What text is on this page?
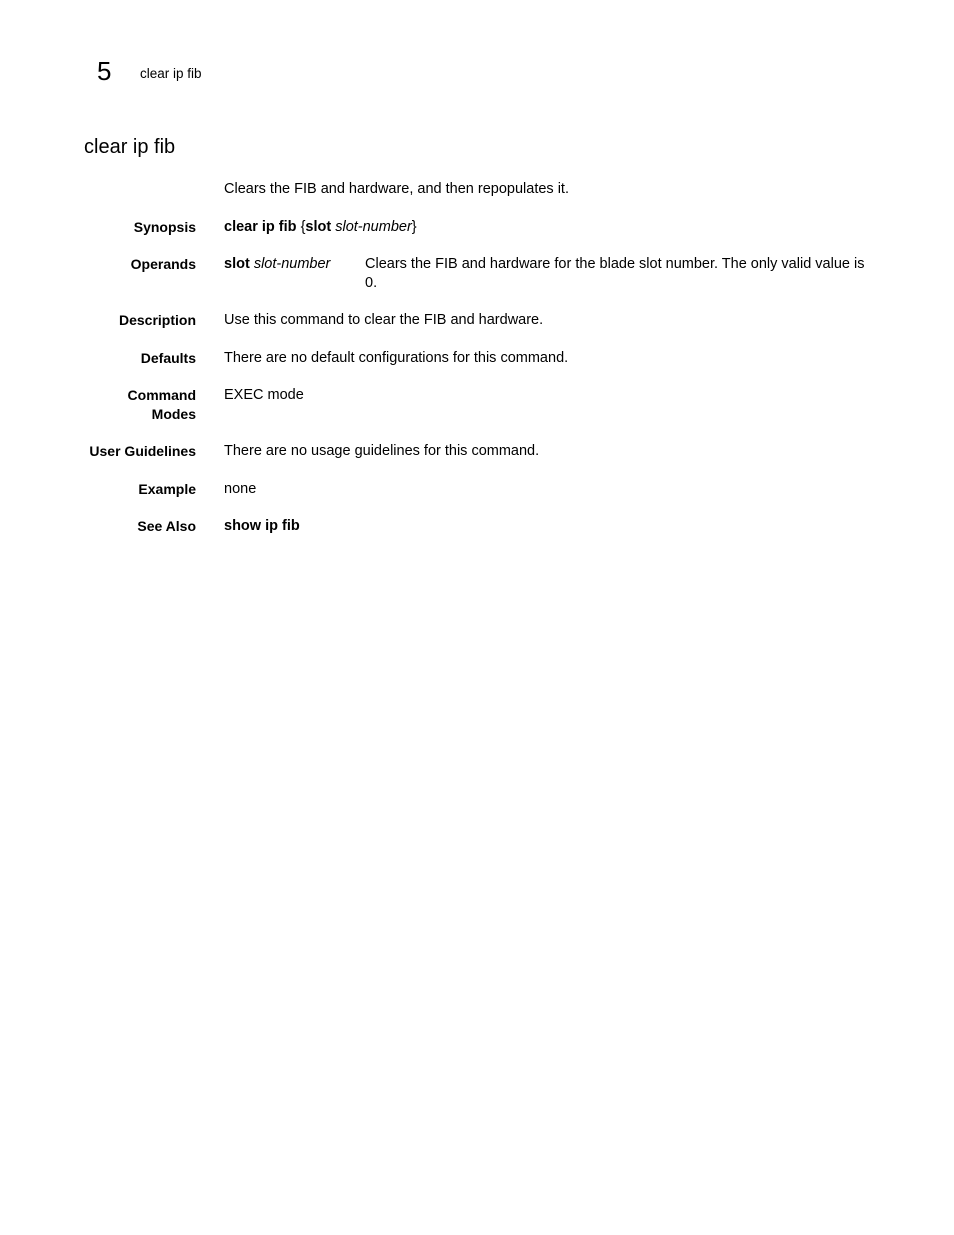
5 clear ip fib
clear ip fib
Clears the FIB and hardware, and then repopulates it.
Synopsis clear ip fib {slot slot-number}
Operands slot slot-number	Clears the FIB and hardware for the blade slot number. The only valid value is 0.
Description Use this command to clear the FIB and hardware.
Defaults There are no default configurations for this command.
Command
Modes
EXEC mode
User Guidelines There are no usage guidelines for this command.
Example none
See Also show ip fib
